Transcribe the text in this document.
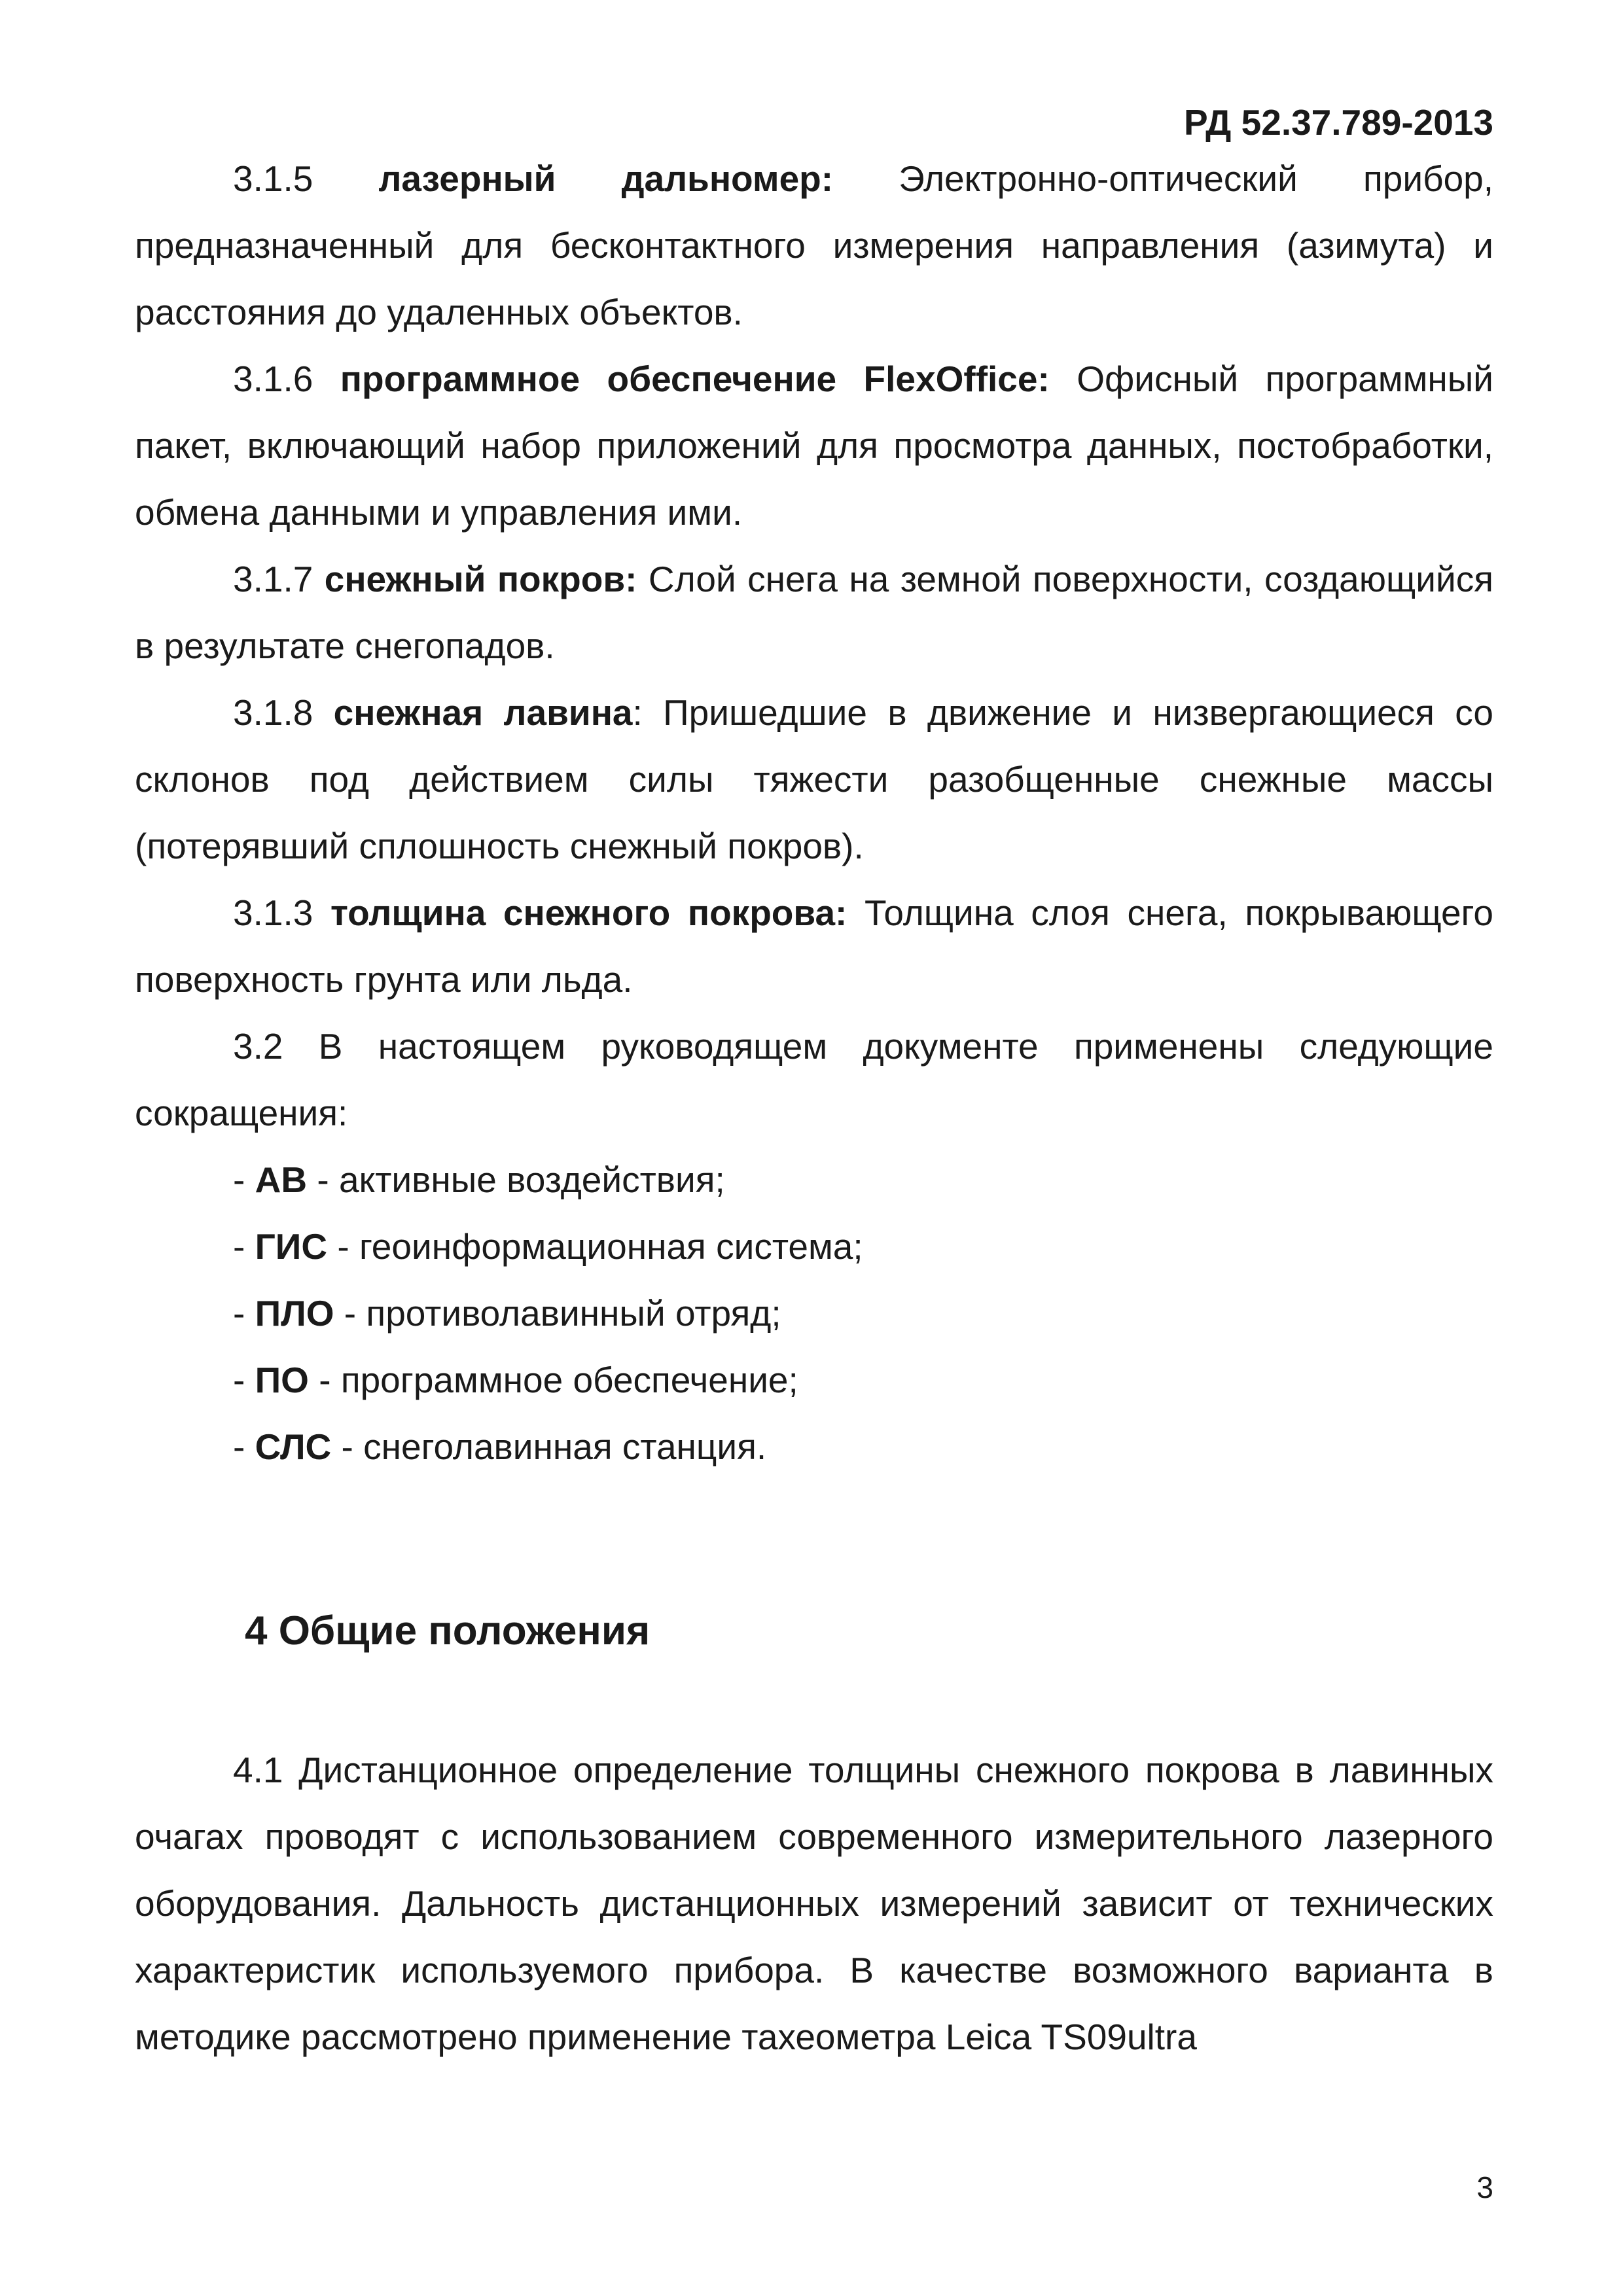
РД 52.37.789-2013

3.1.5 лазерный дальномер: Электронно-оптический прибор, предназначенный для бесконтактного измерения направления (азимута) и расстояния до удаленных объектов.

3.1.6 программное обеспечение FlexOffice: Офисный программный пакет, включающий набор приложений для просмотра данных, постобработки, обмена данными и управления ими.

3.1.7 снежный покров: Слой снега на земной поверхности, создающийся в результате снегопадов.

3.1.8 снежная лавина: Пришедшие в движение и низвергающиеся со склонов под действием силы тяжести разобщенные снежные массы (потерявший сплошность снежный покров).

3.1.3 толщина снежного покрова: Толщина слоя снега, покрывающего поверхность грунта или льда.

3.2 В настоящем руководящем документе применены следующие сокращения:

- АВ - активные воздействия;
- ГИС - геоинформационная система;
- ПЛО - противолавинный отряд;
- ПО - программное обеспечение;
- СЛС - снеголавинная станция.
4 Общие положения

4.1 Дистанционное определение толщины снежного покрова в лавинных очагах проводят с использованием современного измерительного лазерного оборудования. Дальность дистанционных измерений зависит от технических характеристик используемого прибора. В качестве возможного варианта в методике рассмотрено применение тахеометра Leica TS09ultra

3
